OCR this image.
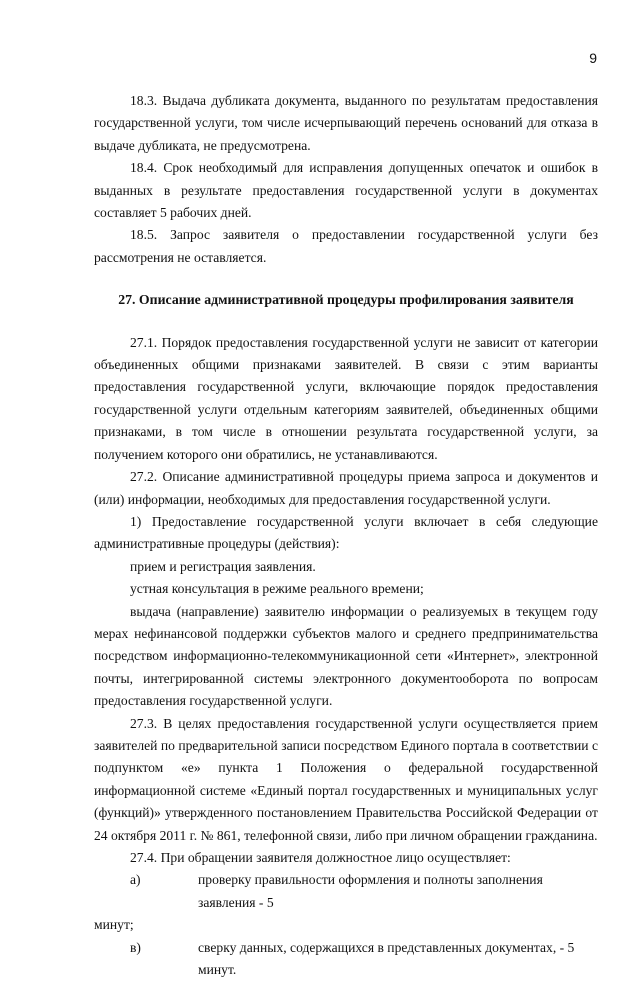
9

18.3. Выдача дубликата документа, выданного по результатам предоставления государственной услуги, том числе исчерпывающий перечень оснований для отказа в выдаче дубликата, не предусмотрена.

18.4. Срок необходимый для исправления допущенных опечаток и ошибок в выданных в результате предоставления государственной услуги в документах составляет 5 рабочих дней.

18.5. Запрос заявителя о предоставлении государственной услуги без рассмотрения не оставляется.

27. Описание административной процедуры профилирования заявителя

27.1. Порядок предоставления государственной услуги не зависит от категории объединенных общими признаками заявителей. В связи с этим варианты предоставления государственной услуги, включающие порядок предоставления государственной услуги отдельным категориям заявителей, объединенных общими признаками, в том числе в отношении результата государственной услуги, за получением которого они обратились, не устанавливаются.

27.2. Описание административной процедуры приема запроса и документов и (или) информации, необходимых для предоставления государственной услуги.

1) Предоставление государственной услуги включает в себя следующие административные процедуры (действия):

прием и регистрация заявления.

устная консультация в режиме реального времени;

выдача (направление) заявителю информации о реализуемых в текущем году мерах нефинансовой поддержки субъектов малого и среднего предпринимательства посредством информационно-телекоммуникационной сети «Интернет», электронной почты, интегрированной системы электронного документооборота по вопросам предоставления государственной услуги.

27.3. В целях предоставления государственной услуги осуществляется прием заявителей по предварительной записи посредством Единого портала в соответствии с подпунктом «е» пункта 1 Положения о федеральной государственной информационной системе «Единый портал государственных и муниципальных услуг (функций)» утвержденного постановлением Правительства Российской Федерации от 24 октября 2011 г. № 861, телефонной связи, либо при личном обращении гражданина.

27.4. При обращении заявителя должностное лицо осуществляет:

а)	проверку правильности оформления и полноты заполнения заявления - 5

минут;

в)	сверку данных, содержащихся в представленных документах, - 5 минут.
